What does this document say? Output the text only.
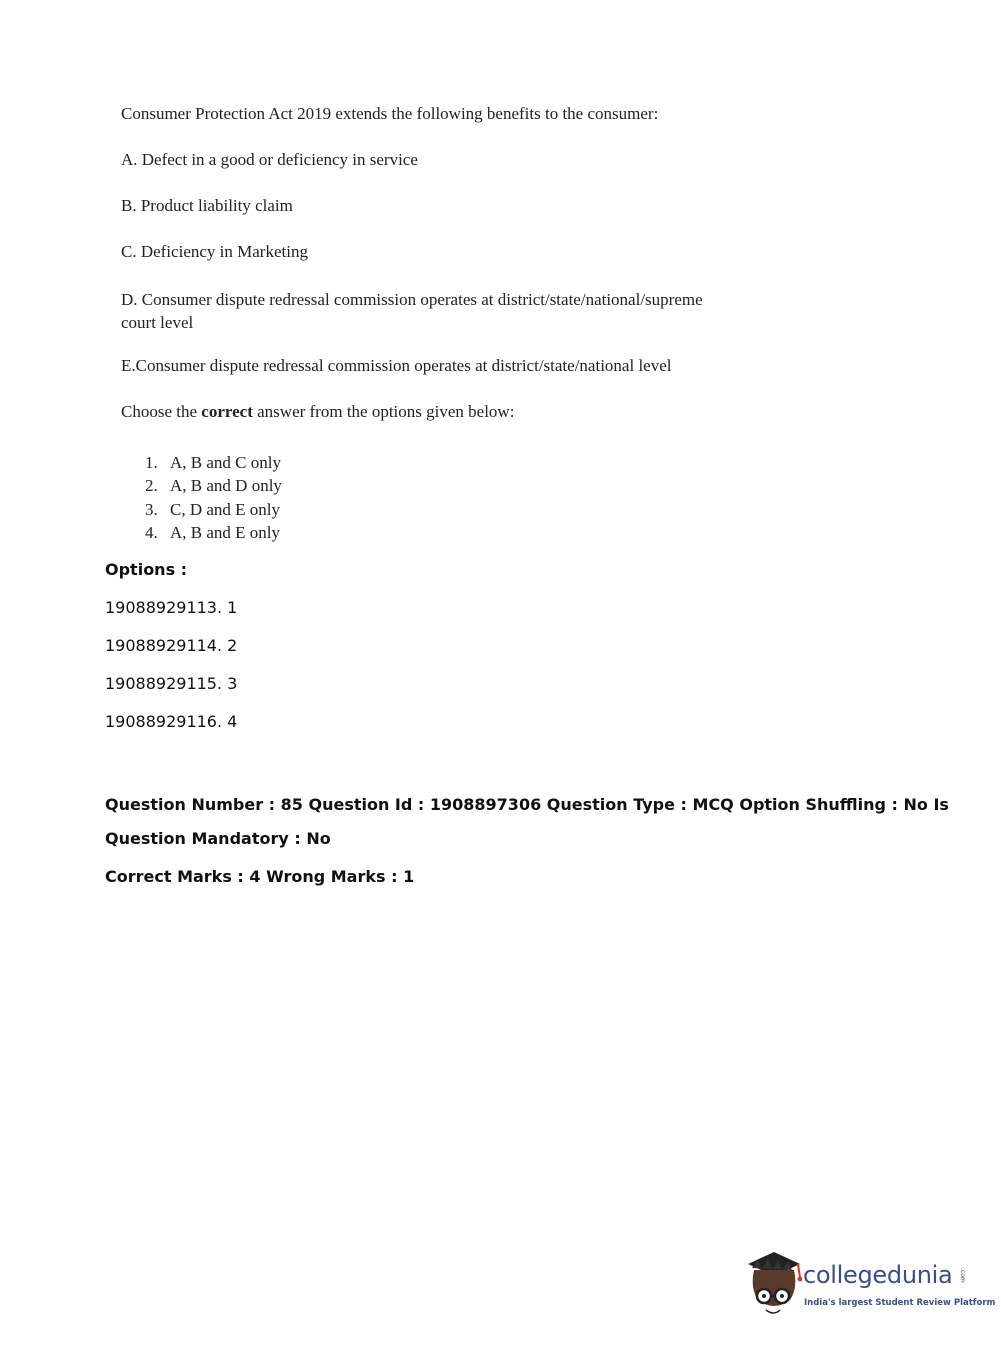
Consumer Protection Act 2019 extends the following benefits to the consumer:
A. Defect in a good or deficiency in service
B. Product liability claim
C. Deficiency in Marketing
D. Consumer dispute redressal commission operates at district/state/national/supreme court level
E.Consumer dispute redressal commission operates at district/state/national level
Choose the correct answer from the options given below:
1. A, B and C only
2. A, B and D only
3. C, D and E only
4. A, B and E only
Options :
19088929113. 1
19088929114. 2
19088929115. 3
19088929116. 4
Question Number : 85 Question Id : 1908897306 Question Type : MCQ Option Shuffling : No Is
Question Mandatory : No
Correct Marks : 4 Wrong Marks : 1
collegedunia .com
India's largest Student Review Platform
